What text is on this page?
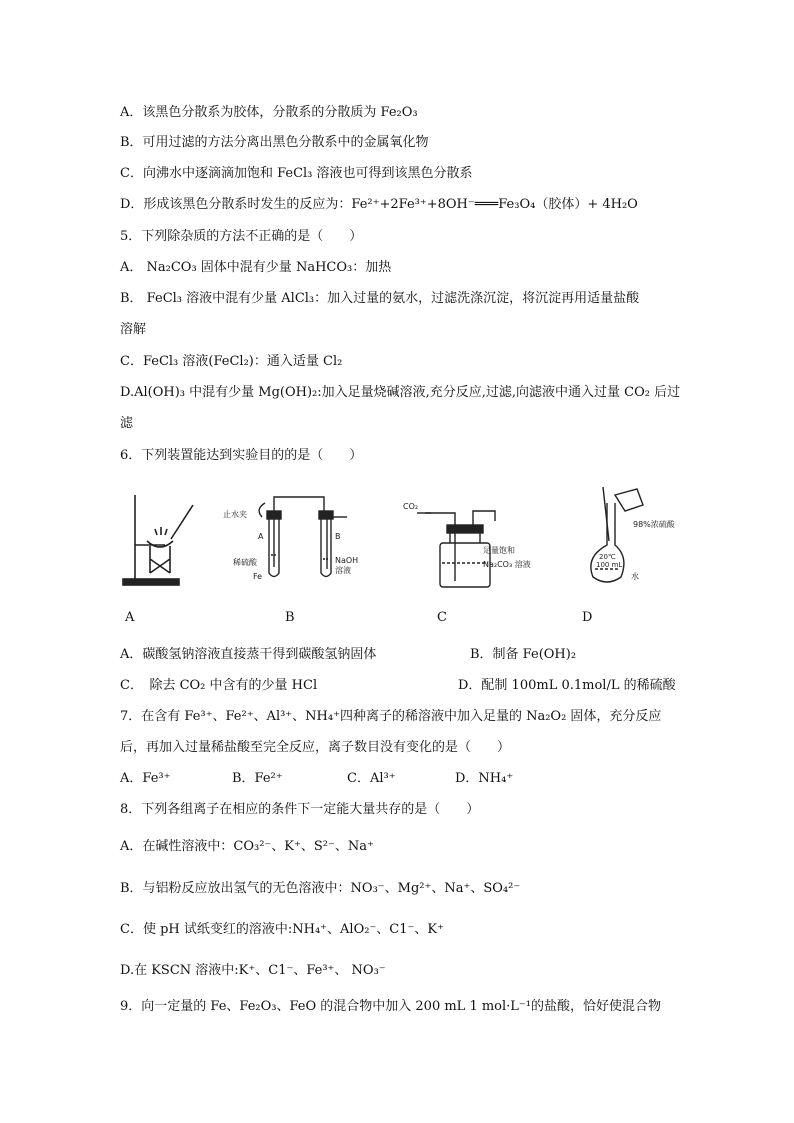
A．该黑色分散系为胶体，分散系的分散质为 Fe₂O₃
B．可用过滤的方法分离出黑色分散系中的金属氧化物
C．向沸水中逐滴滴加饱和 FeCl₃ 溶液也可得到该黑色分散系
D．形成该黑色分散系时发生的反应为：Fe²⁺+2Fe³⁺+8OH⁻═══Fe₃O₄（胶体）+ 4H₂O
5．下列除杂质的方法不正确的是（　　）
A． Na₂CO₃ 固体中混有少量 NaHCO₃：加热
B． FeCl₃ 溶液中混有少量 AlCl₃：加入过量的氨水，过滤洗涤沉淀，将沉淀再用适量盐酸
溶解
C．FeCl₃ 溶液(FeCl₂)：通入适量 Cl₂
D.Al(OH)₃ 中混有少量 Mg(OH)₂:加入足量烧碱溶液,充分反应,过滤,向滤液中通入过量 CO₂ 后过
滤
6．下列装置能达到实验目的的是（　　）
止水夹
A	B
稀硫酸
Fe
NaOH
溶液
CO₂
足量饱和
Na₂CO₃ 溶液
98%浓硫酸
20℃
100 mL
水
A	B	C	D
A．碳酸氢钠溶液直接蒸干得到碳酸氢钠固体	B．制备 Fe(OH)₂
C．　除去 CO₂ 中含有的少量 HCl	D．配制 100mL 0.1mol/L 的稀硫酸
7．在含有 Fe³⁺、Fe²⁺、Al³⁺、NH₄⁺四种离子的稀溶液中加入足量的 Na₂O₂ 固体，充分反应
后，再加入过量稀盐酸至完全反应，离子数目没有变化的是（　　）
A．Fe³⁺	B．Fe²⁺	C．Al³⁺	D．NH₄⁺
8．下列各组离子在相应的条件下一定能大量共存的是（　　）
A．在碱性溶液中：CO₃²⁻、K⁺、S²⁻、Na⁺
B．与铝粉反应放出氢气的无色溶液中：NO₃⁻、Mg²⁺、Na⁺、SO₄²⁻
C．使 pH 试纸变红的溶液中:NH₄⁺、AlO₂⁻、C1⁻、K⁺
D.在 KSCN 溶液中:K⁺、C1⁻、Fe³⁺、 NO₃⁻
9．向一定量的 Fe、Fe₂O₃、FeO 的混合物中加入 200 mL 1 mol·L⁻¹的盐酸，恰好使混合物
